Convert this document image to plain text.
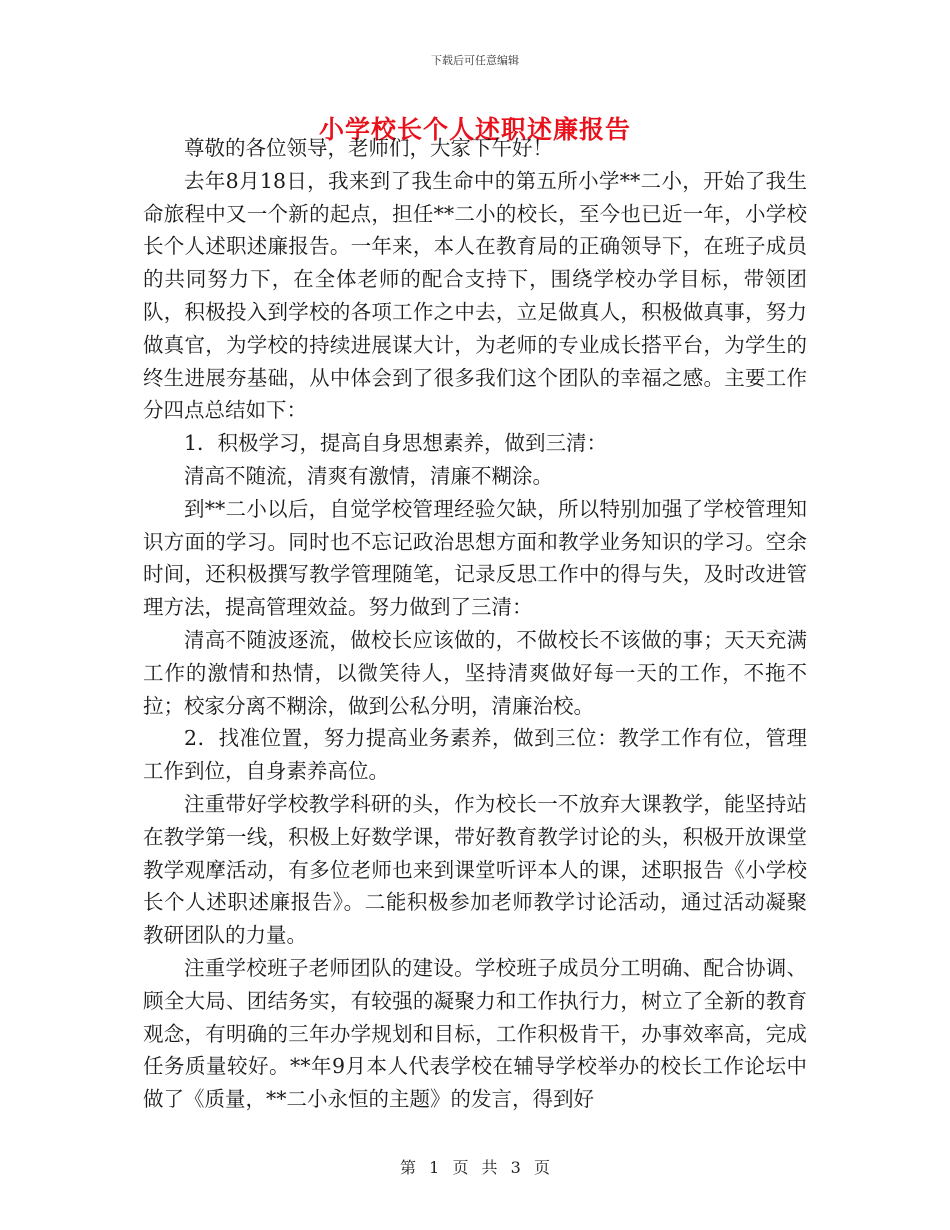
下载后可任意编辑
小学校长个人述职述廉报告

尊敬的各位领导，老师们，大家下午好！

去年8月18日，我来到了我生命中的第五所小学**二小，开始了我生命旅程中又一个新的起点，担任**二小的校长，至今也已近一年，小学校长个人述职述廉报告。一年来，本人在教育局的正确领导下，在班子成员的共同努力下，在全体老师的配合支持下，围绕学校办学目标，带领团队，积极投入到学校的各项工作之中去，立足做真人，积极做真事，努力做真官，为学校的持续进展谋大计，为老师的专业成长搭平台，为学生的终生进展夯基础，从中体会到了很多我们这个团队的幸福之感。主要工作分四点总结如下：

1．积极学习，提高自身思想素养，做到三清：

清高不随流，清爽有激情，清廉不糊涂。

到**二小以后，自觉学校管理经验欠缺，所以特别加强了学校管理知识方面的学习。同时也不忘记政治思想方面和教学业务知识的学习。空余时间，还积极撰写教学管理随笔，记录反思工作中的得与失，及时改进管理方法，提高管理效益。努力做到了三清：

清高不随波逐流，做校长应该做的，不做校长不该做的事；天天充满工作的激情和热情，以微笑待人，坚持清爽做好每一天的工作，不拖不拉；校家分离不糊涂，做到公私分明，清廉治校。

2．找准位置，努力提高业务素养，做到三位：教学工作有位，管理工作到位，自身素养高位。

注重带好学校教学科研的头，作为校长一不放弃大课教学，能坚持站在教学第一线，积极上好数学课，带好教育教学讨论的头，积极开放课堂教学观摩活动，有多位老师也来到课堂听评本人的课，述职报告《小学校长个人述职述廉报告》。二能积极参加老师教学讨论活动，通过活动凝聚教研团队的力量。

注重学校班子老师团队的建设。学校班子成员分工明确、配合协调、顾全大局、团结务实，有较强的凝聚力和工作执行力，树立了全新的教育观念，有明确的三年办学规划和目标，工作积极肯干，办事效率高，完成任务质量较好。**年9月本人代表学校在辅导学校举办的校长工作论坛中做了《质量，**二小永恒的主题》的发言，得到好

第 1 页 共 3 页
